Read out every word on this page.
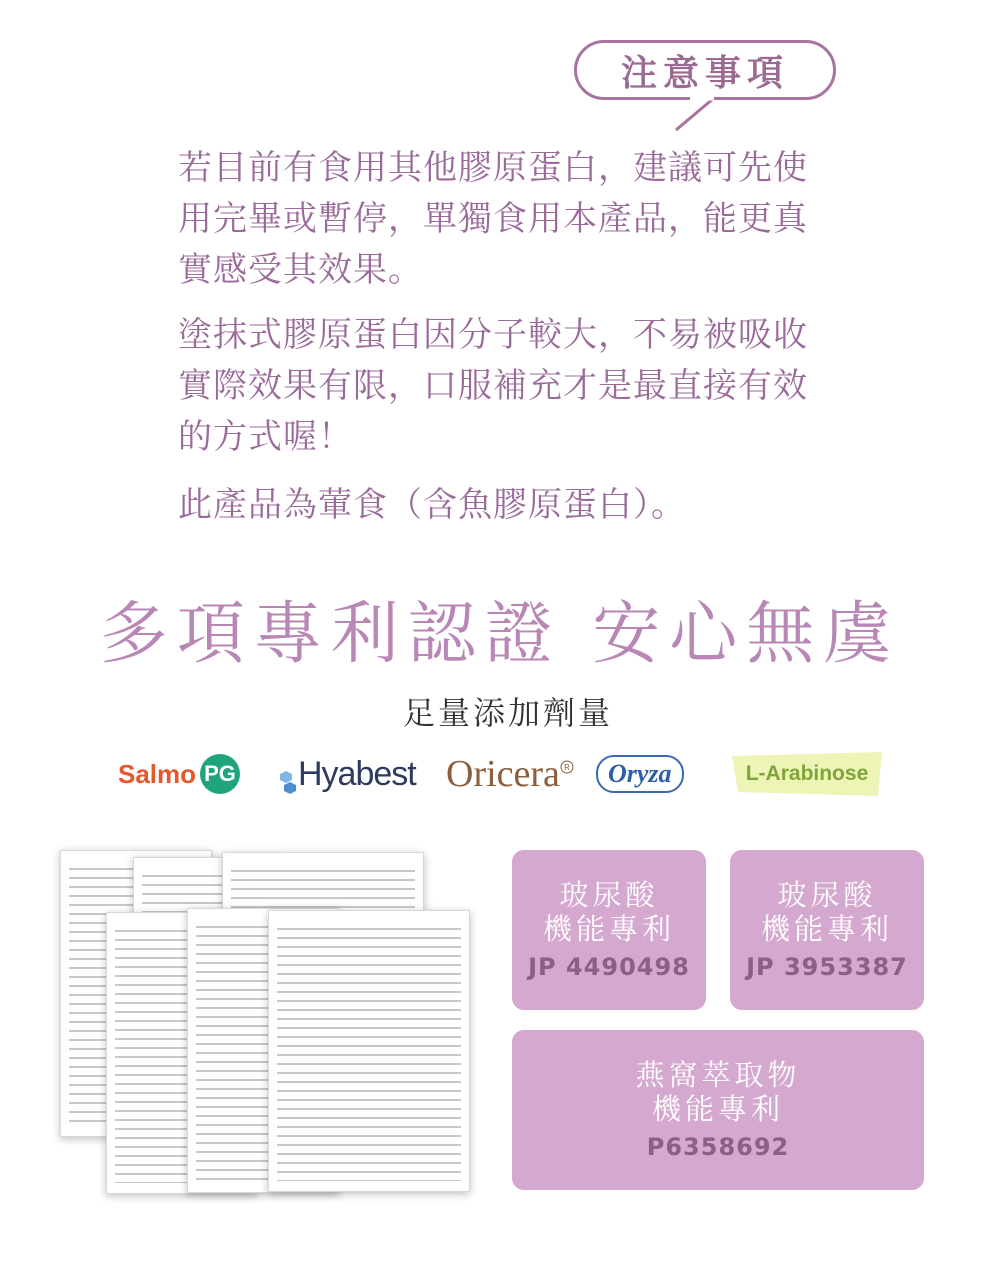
注意事項

若目前有食用其他膠原蛋白，建議可先使
用完畢或暫停，單獨食用本產品，能更真
實感受其效果。

塗抹式膠原蛋白因分子較大，不易被吸收
實際效果有限，口服補充才是最直接有效
的方式喔！

此產品為葷食（含魚膠原蛋白）。

多項專利認證 安心無虞
足量添加劑量
Salmo PG Hyabest Oricera R	Oryza	L-Arabinose
玻尿酸
機能專利
JP 4490498
玻尿酸
機能專利
JP 3953387
燕窩萃取物
機能專利
P6358692
